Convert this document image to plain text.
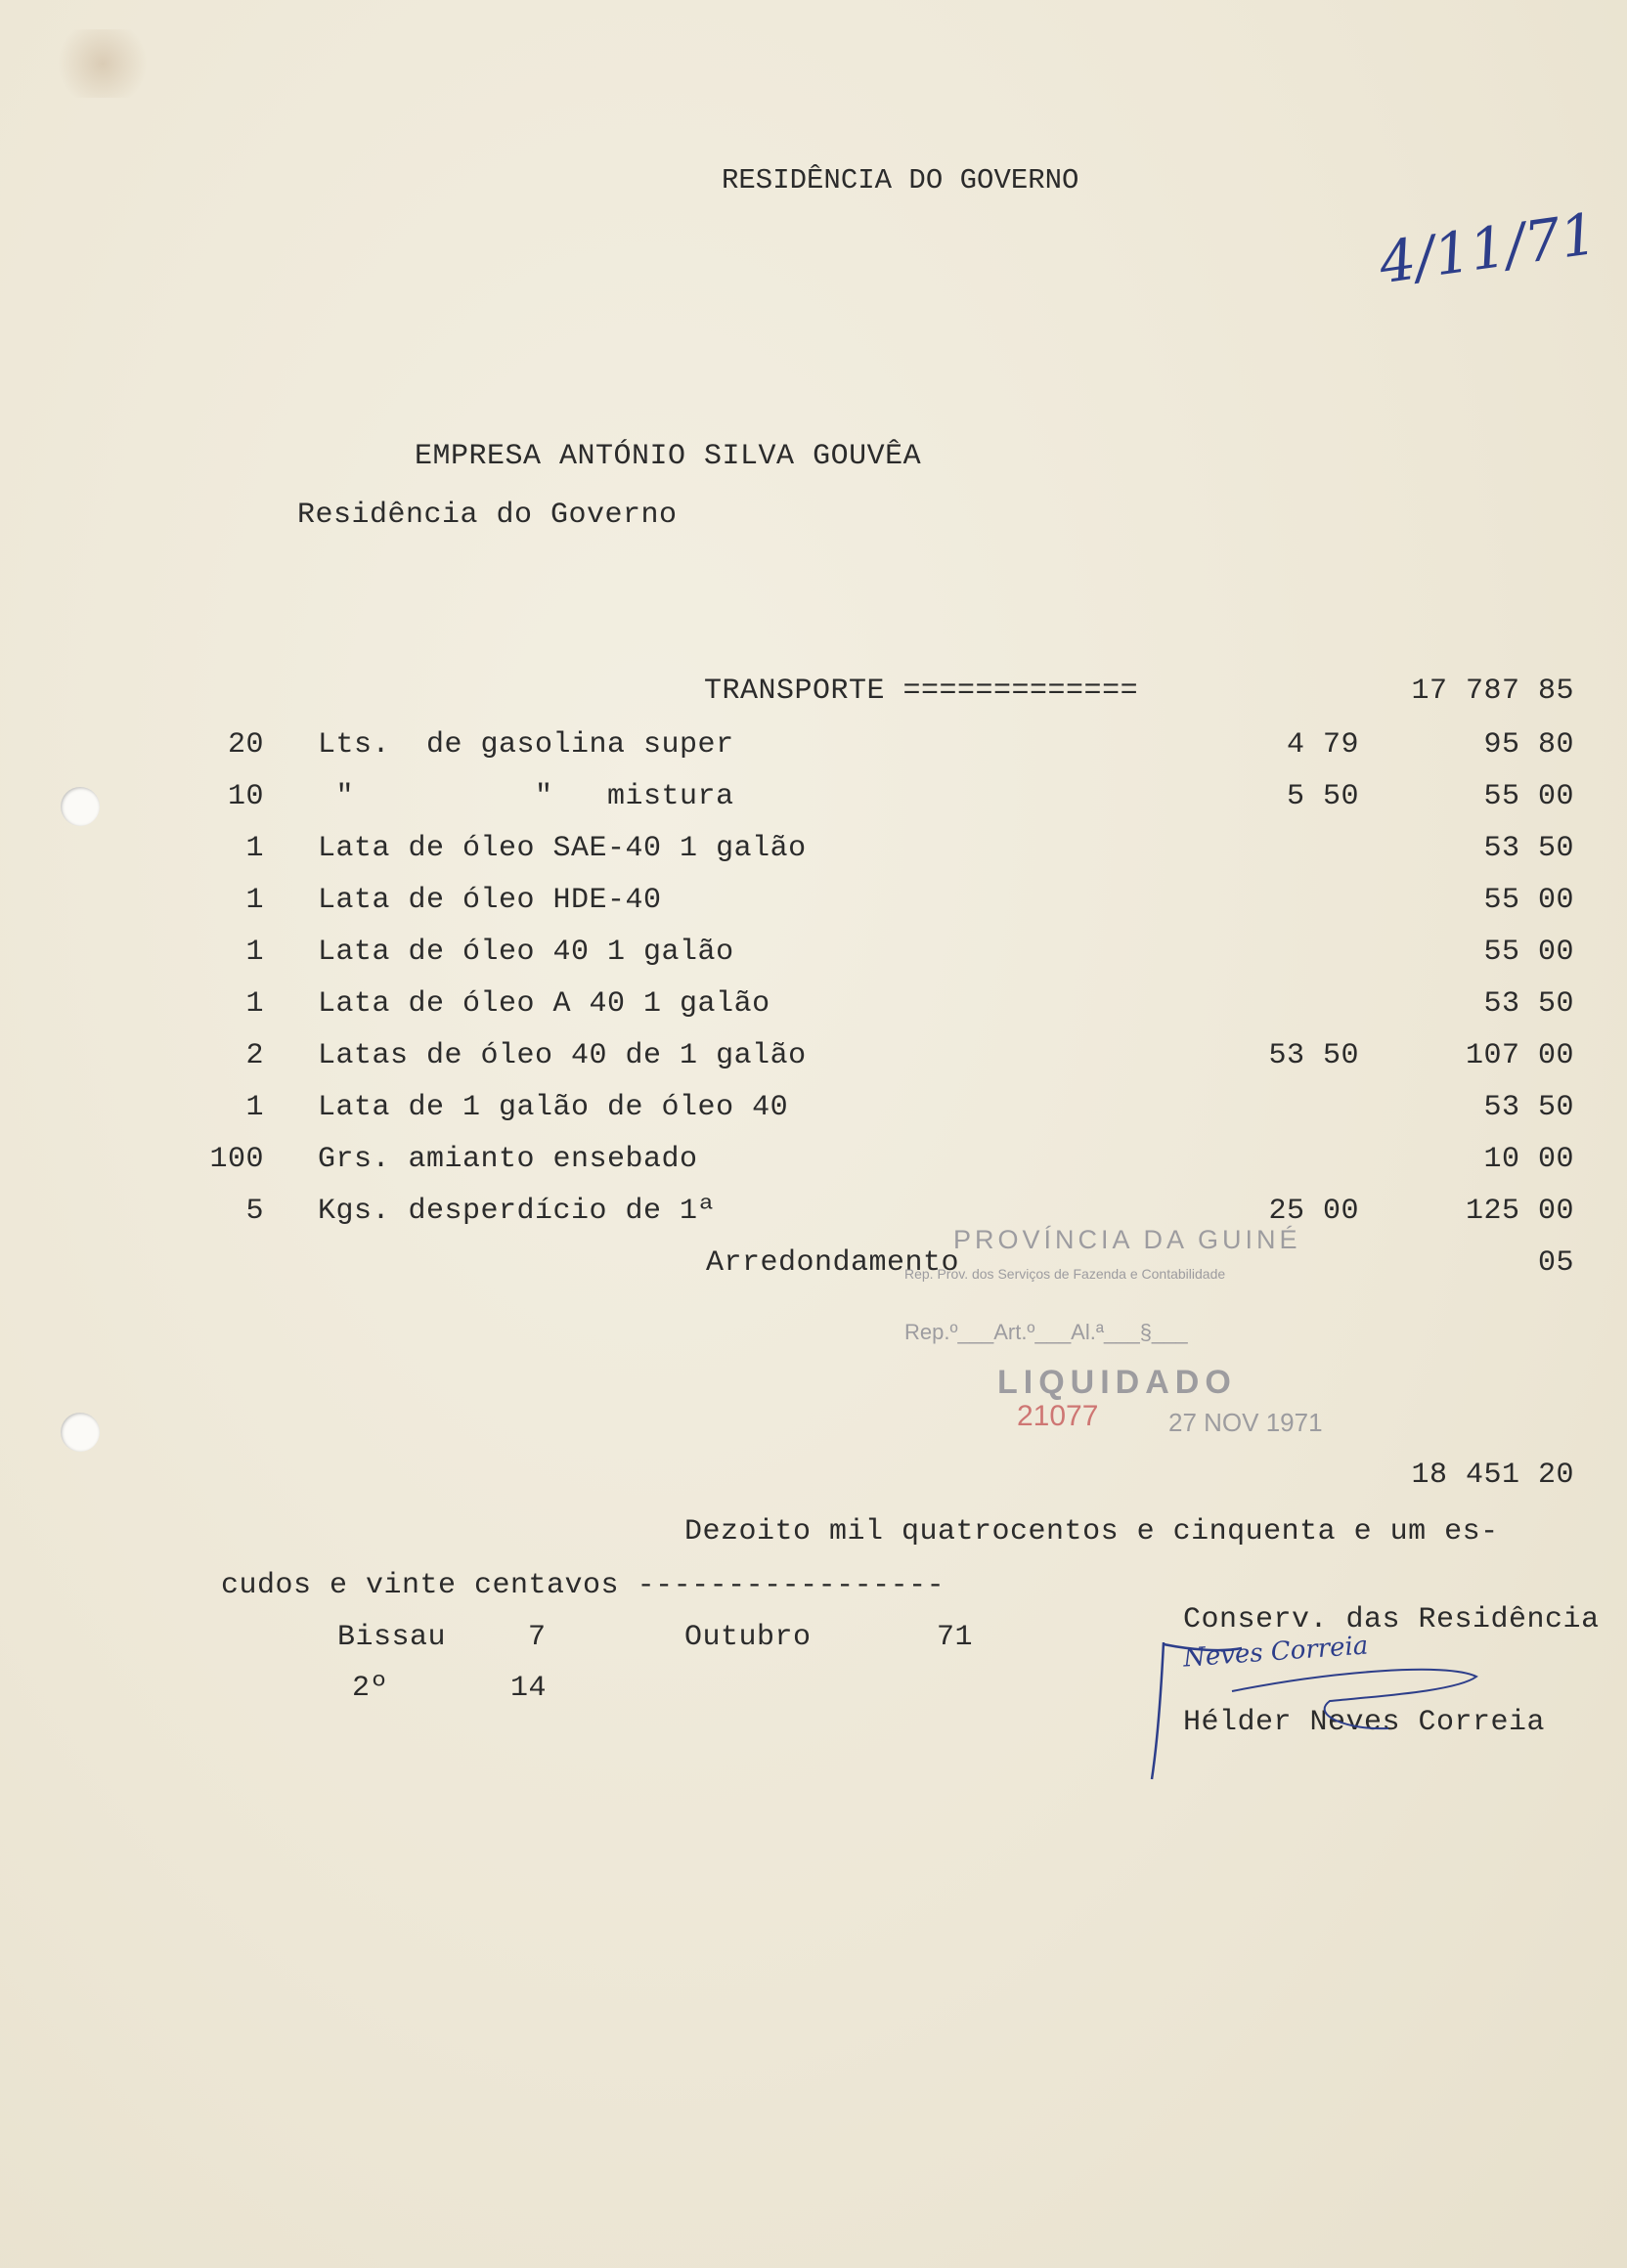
RESIDÊNCIA DO GOVERNO
4/11/71
EMPRESA ANTÓNIO SILVA GOUVÊA
Residência do Governo
TRANSPORTE =============	17 787 85
20 Lts.  de gasolina super	4 79	95 80
10 "          "   mistura	5 50	55 00
1 Lata de óleo SAE-40 1 galão	53 50
1 Lata de óleo HDE-40	55 00
1 Lata de óleo 40 1 galão	55 00
1 Lata de óleo A 40 1 galão	53 50
2 Latas de óleo 40 de 1 galão	53 50	107 00
1 Lata de 1 galão de óleo 40	53 50
100 Grs. amianto ensebado	10 00
5 Kgs. desperdício de 1ª	25 00	125 00
Arredondamento	05
PROVÍNCIA DA GUINÉ
Rep. Prov. dos Serviços de Fazenda e Contabilidade
Rep.º___Art.º___Al.ª___§___
LIQUIDADO
21077	27 NOV 1971
18 451 20
Dezoito mil quatrocentos e cinquenta e um es-
cudos e vinte centavos -----------------
Bissau	7	Outubro	71
2º	14
Conserv. das Residência
Neves Correia
Hélder Neves Correia
